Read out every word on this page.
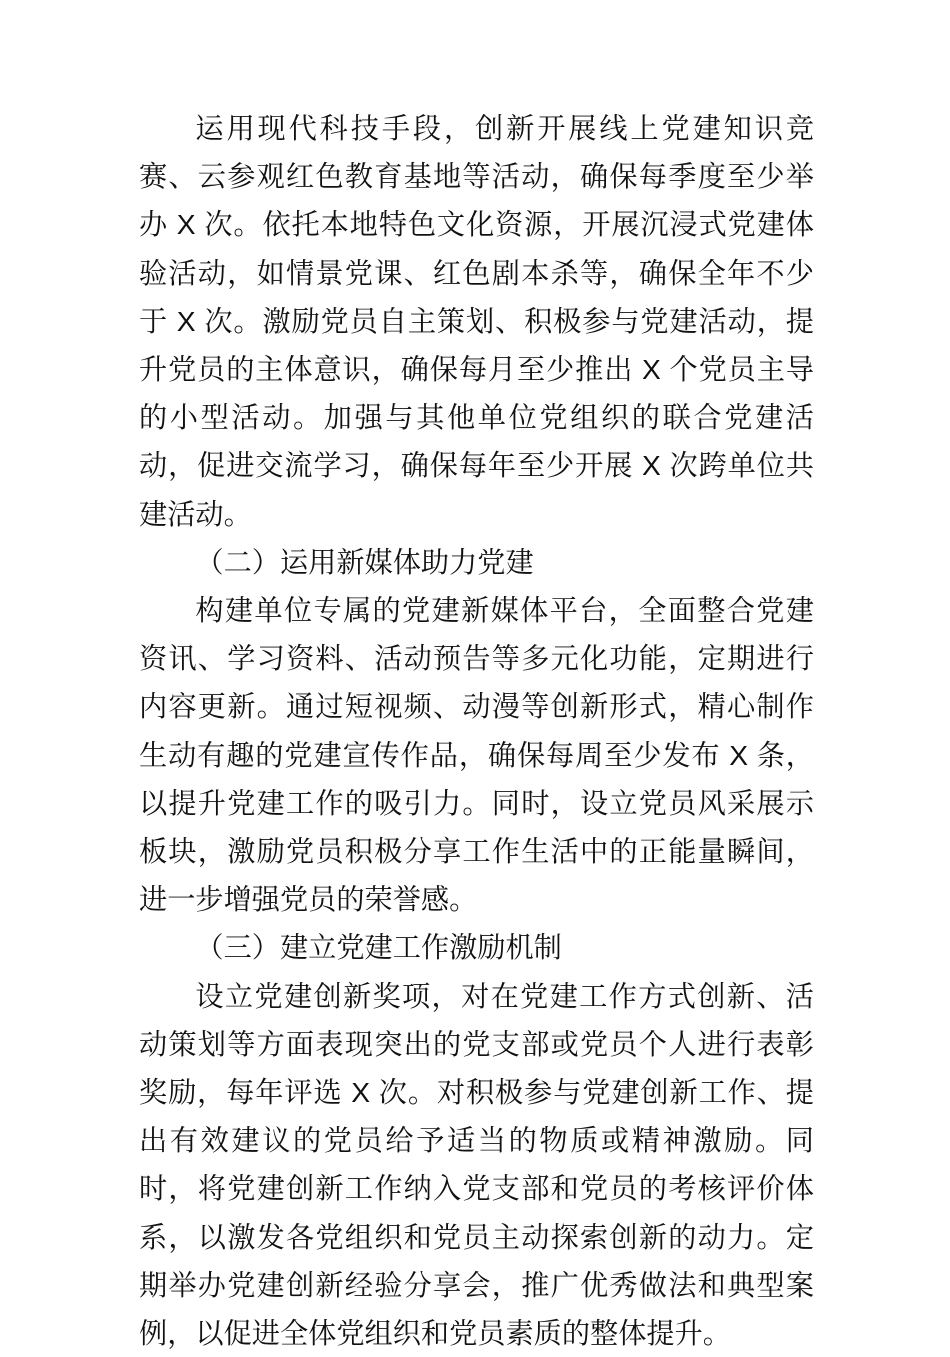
运用现代科技手段，创新开展线上党建知识竞赛、云参观红色教育基地等活动，确保每季度至少举办 X 次。依托本地特色文化资源，开展沉浸式党建体验活动，如情景党课、红色剧本杀等，确保全年不少于 X 次。激励党员自主策划、积极参与党建活动，提升党员的主体意识，确保每月至少推出 X 个党员主导的小型活动。加强与其他单位党组织的联合党建活动，促进交流学习，确保每年至少开展 X 次跨单位共建活动。

（二）运用新媒体助力党建

构建单位专属的党建新媒体平台，全面整合党建资讯、学习资料、活动预告等多元化功能，定期进行内容更新。通过短视频、动漫等创新形式，精心制作生动有趣的党建宣传作品，确保每周至少发布 X 条，以提升党建工作的吸引力。同时，设立党员风采展示板块，激励党员积极分享工作生活中的正能量瞬间，进一步增强党员的荣誉感。

（三）建立党建工作激励机制

设立党建创新奖项，对在党建工作方式创新、活动策划等方面表现突出的党支部或党员个人进行表彰奖励，每年评选 X 次。对积极参与党建创新工作、提出有效建议的党员给予适当的物质或精神激励。同时，将党建创新工作纳入党支部和党员的考核评价体系，以激发各党组织和党员主动探索创新的动力。定期举办党建创新经验分享会，推广优秀做法和典型案例，以促进全体党组织和党员素质的整体提升。
